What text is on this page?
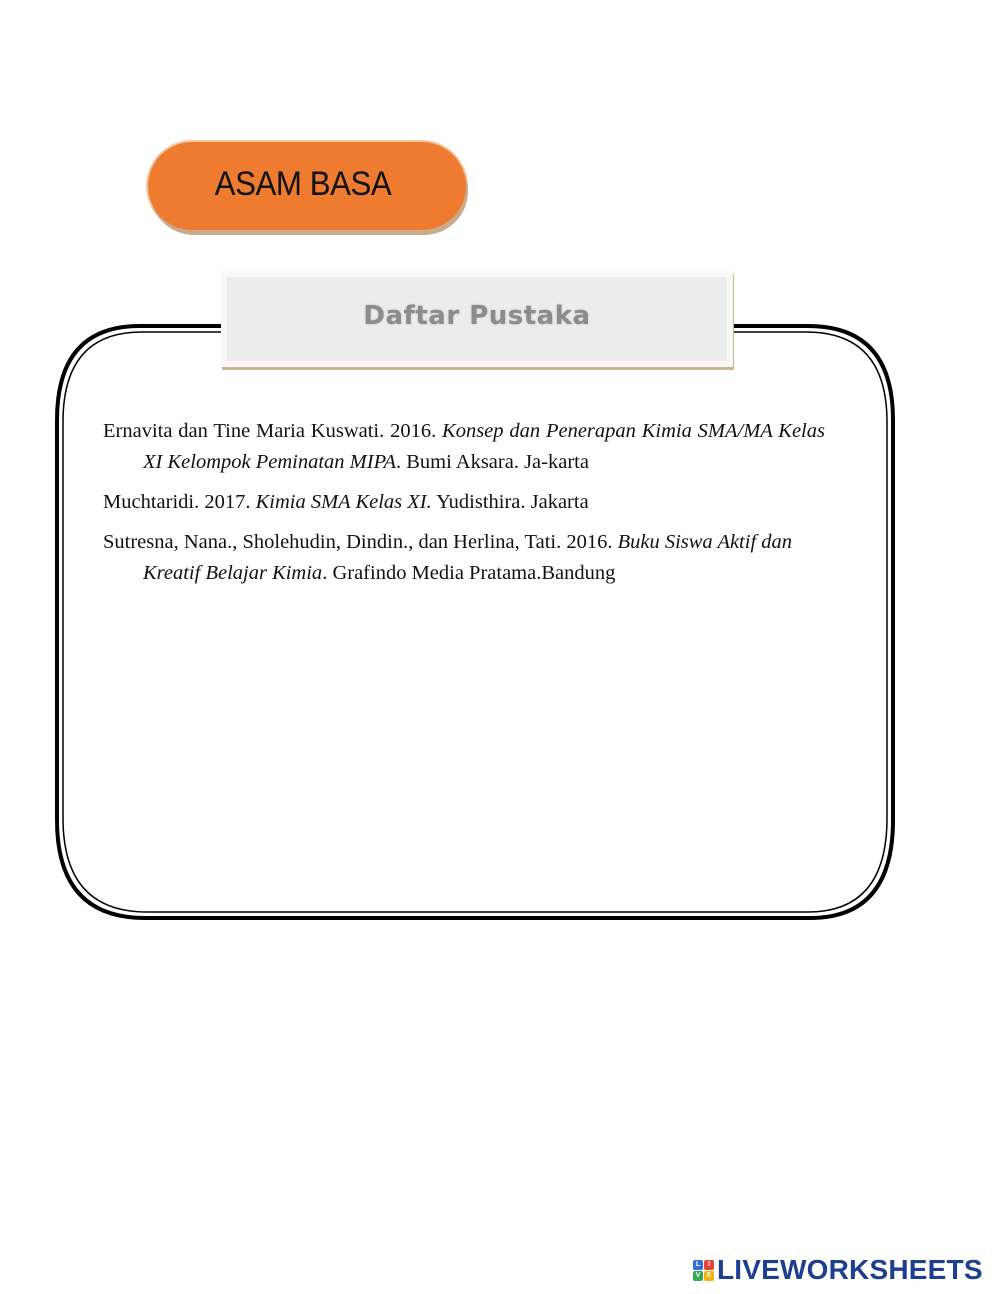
ASAM BASA
Daftar Pustaka

Ernavita dan Tine Maria Kuswati. 2016. Konsep dan Penerapan Kimia SMA/MA Kelas XI Kelompok Peminatan MIPA. Bumi Aksara. Ja-karta

Muchtaridi. 2017. Kimia SMA Kelas XI. Yudisthira. Jakarta

Sutresna, Nana., Sholehudin, Dindin., dan Herlina, Tati. 2016. Buku Siswa Aktif dan Kreatif Belajar Kimia. Grafindo Media Pratama.Bandung

L	I
V E LIVEWORKSHEETS
